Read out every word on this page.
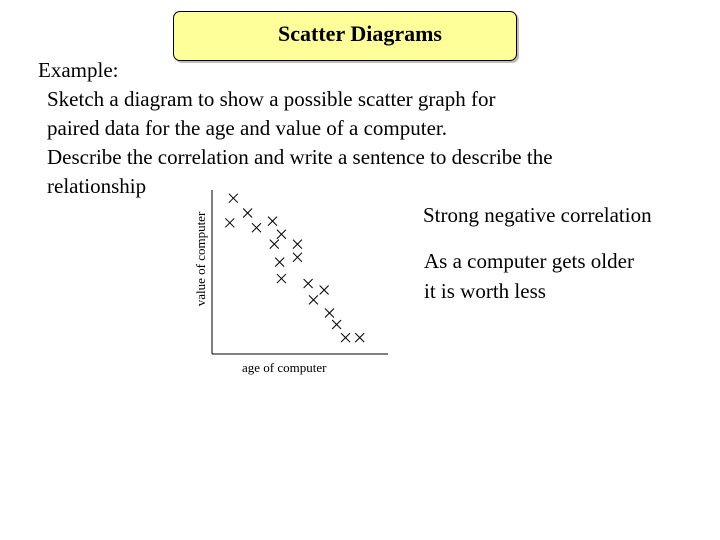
Scatter Diagrams
Example:
Sketch a diagram to show a possible scatter graph for
paired data for the age and value of a computer.
Describe the correlation and write a sentence to describe the
relationship
value of computer
age of computer
Strong negative correlation
As a computer gets older
it is worth less
